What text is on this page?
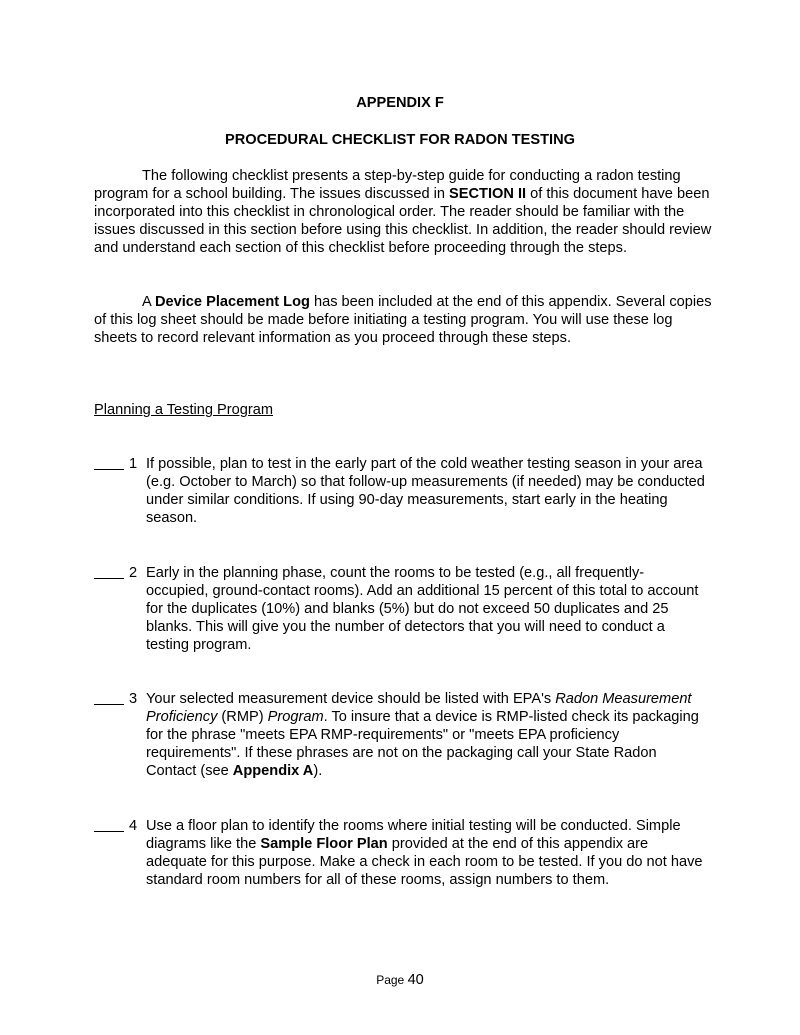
APPENDIX F
PROCEDURAL CHECKLIST FOR RADON TESTING

The following checklist presents a step-by-step guide for conducting a radon testing program for a school building. The issues discussed in SECTION II of this document have been incorporated into this checklist in chronological order. The reader should be familiar with the issues discussed in this section before using this checklist. In addition, the reader should review and understand each section of this checklist before proceeding through the steps.

A Device Placement Log has been included at the end of this appendix. Several copies of this log sheet should be made before initiating a testing program. You will use these log sheets to record relevant information as you proceed through these steps.

Planning a Testing Program
1 If possible, plan to test in the early part of the cold weather testing season in your area (e.g. October to March) so that follow-up measurements (if needed) may be conducted under similar conditions. If using 90-day measurements, start early in the heating season.
2 Early in the planning phase, count the rooms to be tested (e.g., all frequently-occupied, ground-contact rooms). Add an additional 15 percent of this total to account for the duplicates (10%) and blanks (5%) but do not exceed 50 duplicates and 25 blanks. This will give you the number of detectors that you will need to conduct a testing program.
3 Your selected measurement device should be listed with EPA's Radon Measurement Proficiency (RMP) Program. To insure that a device is RMP-listed check its packaging for the phrase "meets EPA RMP-requirements" or "meets EPA proficiency requirements". If these phrases are not on the packaging call your State Radon Contact (see Appendix A).
4 Use a floor plan to identify the rooms where initial testing will be conducted. Simple diagrams like the Sample Floor Plan provided at the end of this appendix are adequate for this purpose. Make a check in each room to be tested. If you do not have standard room numbers for all of these rooms, assign numbers to them.
Page 40
